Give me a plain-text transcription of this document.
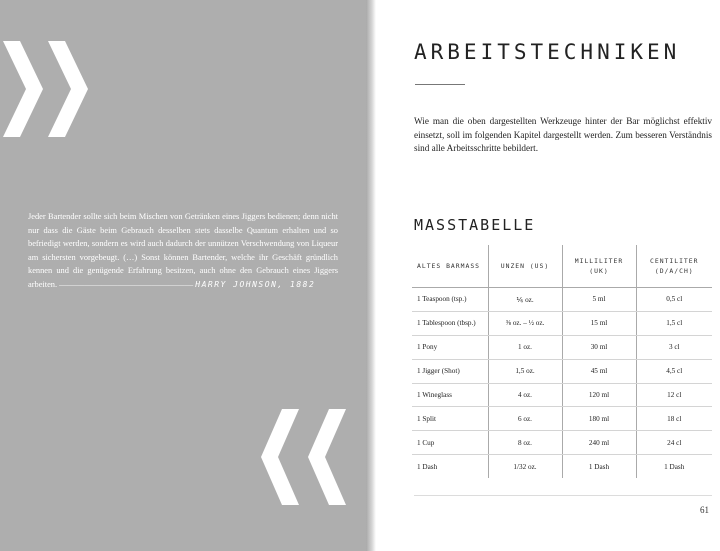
Jeder Bartender sollte sich beim Mischen von Getränken eines Jiggers bedienen; denn nicht nur dass die Gäste beim Gebrauch desselben stets dasselbe Quantum erhalten und so befriedigt werden, sondern es wird auch dadurch der unnützen Verschwendung von Liqueur am sichersten vorgebeugt. (…) Sonst können Bartender, welche ihr Geschäft gründlich kennen und die genügende Erfahrung besitzen, auch ohne den Gebrauch eines Jiggers arbeiten. ———————————————— HARRY JOHNSON, 1882

ARBEITSTECHNIKEN

Wie man die oben dargestellten Werkzeuge hinter der Bar möglichst effektiv einsetzt, soll im folgenden Kapitel dargestellt werden. Zum besseren Verständnis sind alle Arbeitsschritte bebildert.

MASSTABELLE
ALTES BARMASS	UNZEN (US)	MILLILITER (UK)	CENTILITER (D/A/CH)
1 Teaspoon (tsp.)	⅙ oz.	5 ml	0,5 cl
1 Tablespoon (tbsp.)	⅜ oz. – ½ oz.	15 ml	1,5 cl
1 Pony	1 oz.	30 ml	3 cl
1 Jigger (Shot)	1,5 oz.	45 ml	4,5 cl
1 Wineglass	4 oz.	120 ml	12 cl
1 Split	6 oz.	180 ml	18 cl
1 Cup	8 oz.	240 ml	24 cl
1 Dash	1/32 oz.	1 Dash	1 Dash

61
